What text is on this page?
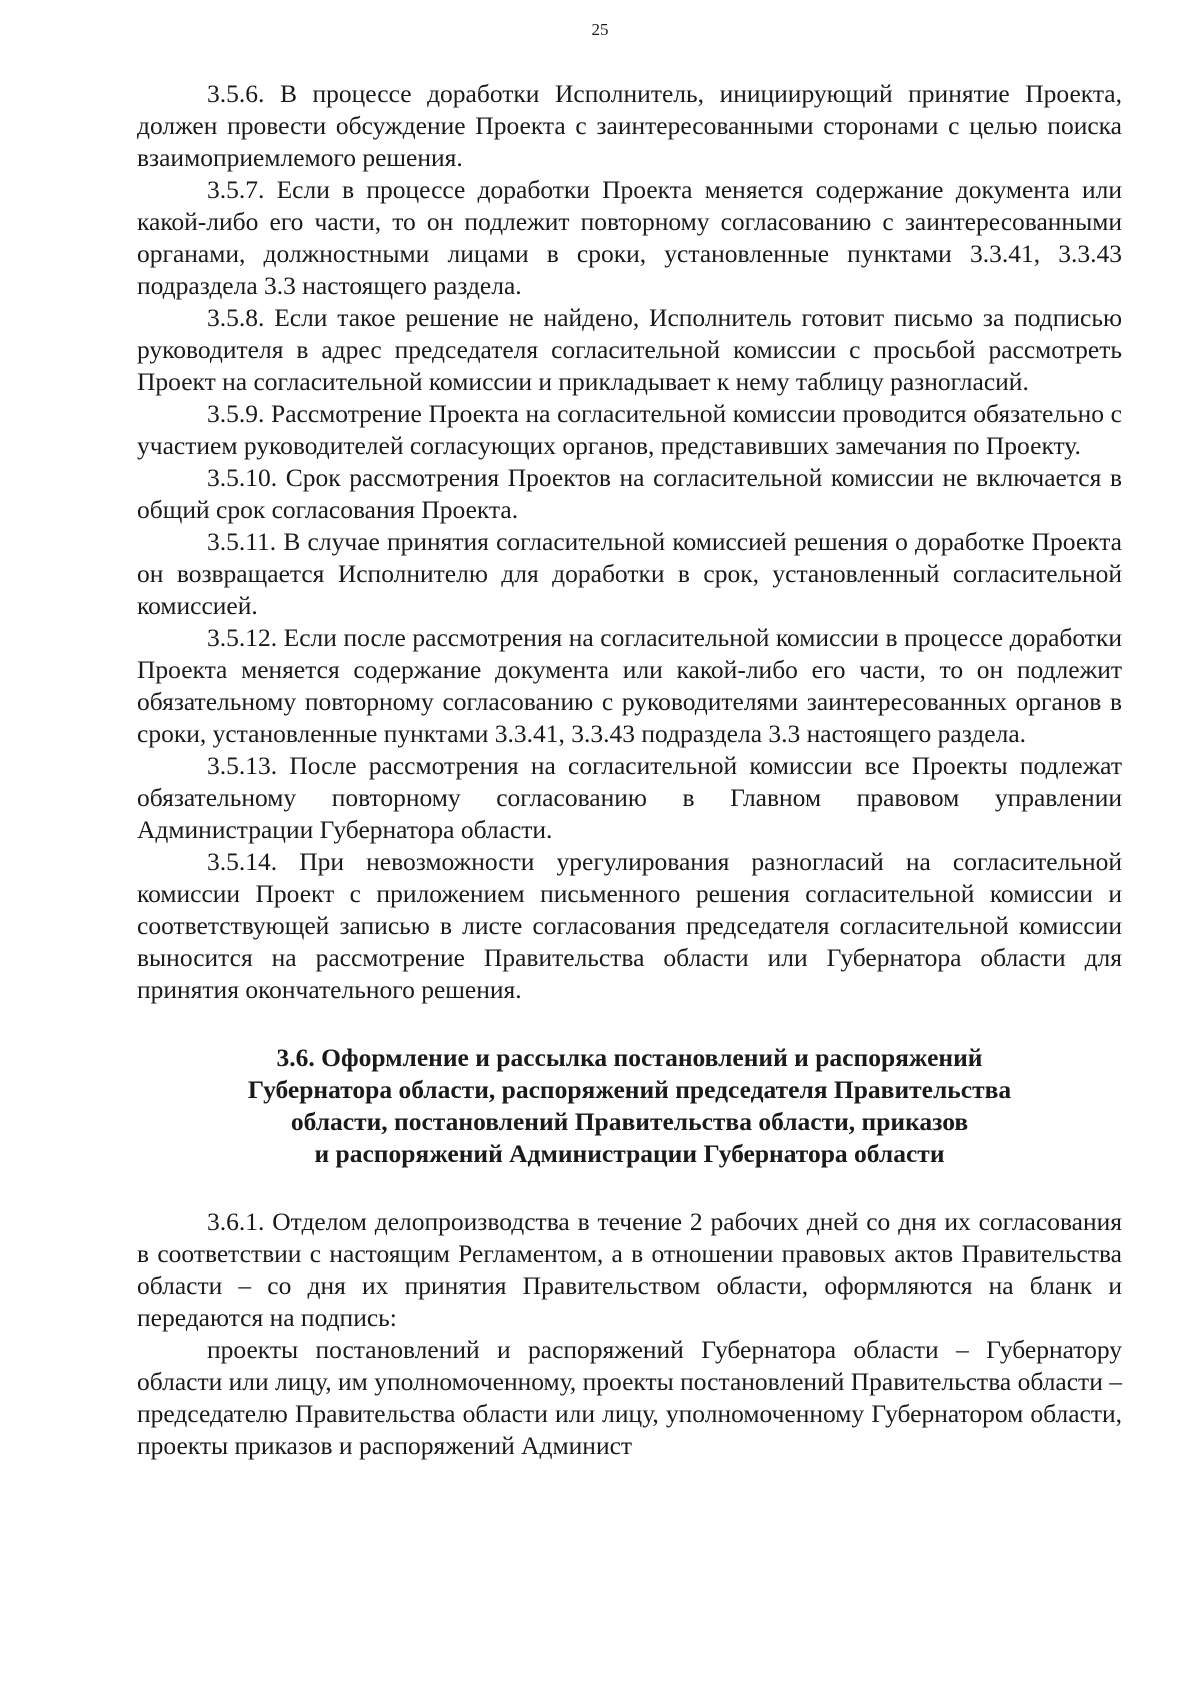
25

3.5.6. В процессе доработки Исполнитель, инициирующий принятие Проекта, должен провести обсуждение Проекта с заинтересованными сторонами с целью поиска взаимоприемлемого решения.

3.5.7. Если в процессе доработки Проекта меняется содержание документа или какой-либо его части, то он подлежит повторному согласованию с заинтересованными органами, должностными лицами в сроки, установленные пунктами 3.3.41, 3.3.43 подраздела 3.3 настоящего раздела.

3.5.8. Если такое решение не найдено, Исполнитель готовит письмо за подписью руководителя в адрес председателя согласительной комиссии с просьбой рассмотреть Проект на согласительной комиссии и прикладывает к нему таблицу разногласий.

3.5.9. Рассмотрение Проекта на согласительной комиссии проводится обязательно с участием руководителей согласующих органов, представивших замечания по Проекту.

3.5.10. Срок рассмотрения Проектов на согласительной комиссии не включается в общий срок согласования Проекта.

3.5.11. В случае принятия согласительной комиссией решения о доработке Проекта он возвращается Исполнителю для доработки в срок, установленный согласительной комиссией.

3.5.12. Если после рассмотрения на согласительной комиссии в процессе доработки Проекта меняется содержание документа или какой-либо его части, то он подлежит обязательному повторному согласованию с руководителями заинтересованных органов в сроки, установленные пунктами 3.3.41, 3.3.43 подраздела 3.3 настоящего раздела.

3.5.13. После рассмотрения на согласительной комиссии все Проекты подлежат обязательному повторному согласованию в Главном правовом управлении Администрации Губернатора области.

3.5.14. При невозможности урегулирования разногласий на согласительной комиссии Проект с приложением письменного решения согласительной комиссии и соответствующей записью в листе согласования председателя согласительной комиссии выносится на рассмотрение Правительства области или Губернатора области для принятия окончательного решения.

3.6. Оформление и рассылка постановлений и распоряжений
Губернатора области, распоряжений председателя Правительства
области, постановлений Правительства области, приказов
и распоряжений Администрации Губернатора области

3.6.1. Отделом делопроизводства в течение 2 рабочих дней со дня их согласования в соответствии с настоящим Регламентом, а в отношении правовых актов Правительства области – со дня их принятия Правительством области, оформляются на бланк и передаются на подпись:

проекты постановлений и распоряжений Губернатора области – Губернатору области или лицу, им уполномоченному, проекты постановлений Правительства области – председателю Правительства области или лицу, уполномоченному Губернатором области, проекты приказов и распоряжений Админист
